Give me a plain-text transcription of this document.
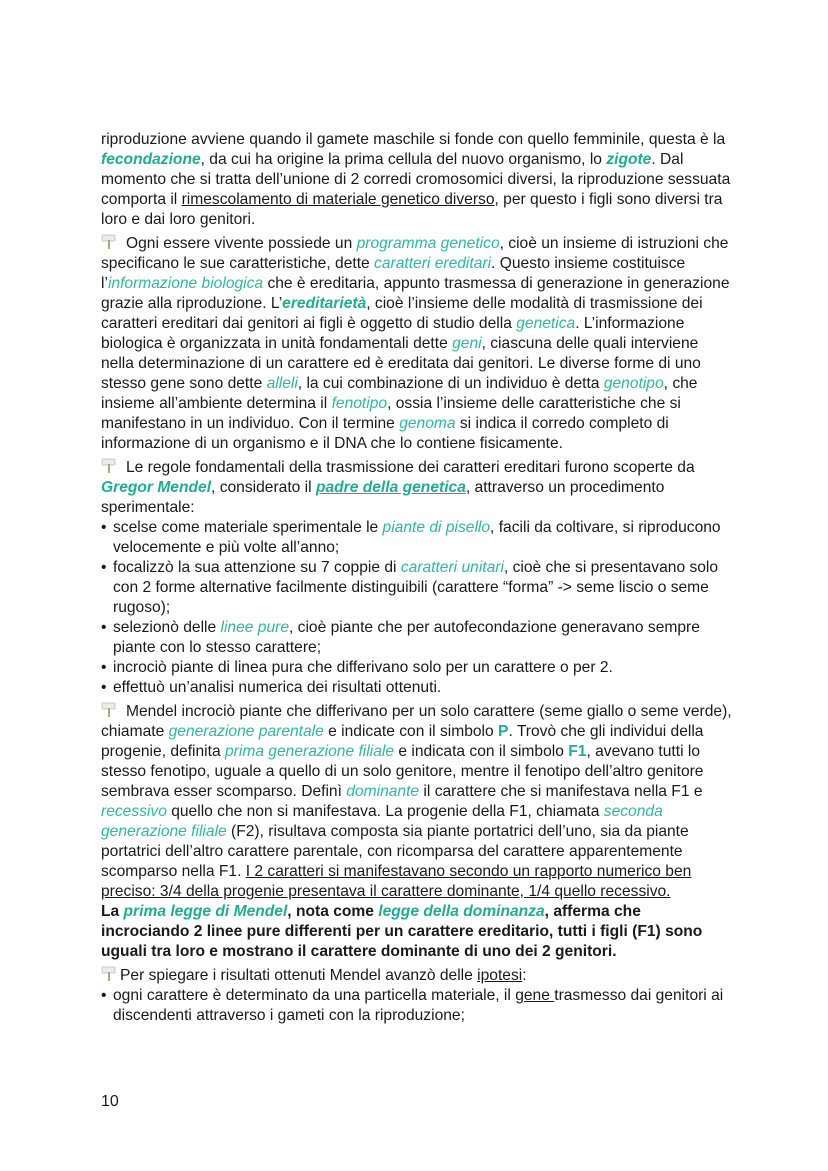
riproduzione avviene quando il gamete maschile si fonde con quello femminile, questa è la fecondazione, da cui ha origine la prima cellula del nuovo organismo, lo zigote. Dal momento che si tratta dell’unione di 2 corredi cromosomici diversi, la riproduzione sessuata comporta il rimescolamento di materiale genetico diverso, per questo i figli sono diversi tra loro e dai loro genitori.

Ogni essere vivente possiede un programma genetico, cioè un insieme di istruzioni che specificano le sue caratteristiche, dette caratteri ereditari. Questo insieme costituisce l’informazione biologica che è ereditaria, appunto trasmessa di generazione in generazione grazie alla riproduzione. L’ereditarietà, cioè l’insieme delle modalità di trasmissione dei caratteri ereditari dai genitori ai figli è oggetto di studio della genetica. L’informazione biologica è organizzata in unità fondamentali dette geni, ciascuna delle quali interviene nella determinazione di un carattere ed è ereditata dai genitori. Le diverse forme di uno stesso gene sono dette alleli, la cui combinazione di un individuo è detta genotipo, che insieme all’ambiente determina il fenotipo, ossia l’insieme delle caratteristiche che si manifestano in un individuo. Con il termine genoma si indica il corredo completo di informazione di un organismo e il DNA che lo contiene fisicamente.

Le regole fondamentali della trasmissione dei caratteri ereditari furono scoperte da Gregor Mendel, considerato il padre della genetica, attraverso un procedimento sperimentale:

• scelse come materiale sperimentale le piante di pisello, facili da coltivare, si riproducono velocemente e più volte all’anno;
• focalizzò la sua attenzione su 7 coppie di caratteri unitari, cioè che si presentavano solo con 2 forme alternative facilmente distinguibili (carattere “forma” -> seme liscio o seme rugoso);
• selezionò delle linee pure, cioè piante che per autofecondazione generavano sempre piante con lo stesso carattere;
• incrociò piante di linea pura che differivano solo per un carattere o per 2.
• effettuò un’analisi numerica dei risultati ottenuti.

Mendel incrociò piante che differivano per un solo carattere (seme giallo o seme verde), chiamate generazione parentale e indicate con il simbolo P. Trovò che gli individui della progenie, definita prima generazione filiale e indicata con il simbolo F1, avevano tutti lo stesso fenotipo, uguale a quello di un solo genitore, mentre il fenotipo dell’altro genitore sembrava esser scomparso. Definì dominante il carattere che si manifestava nella F1 e recessivo quello che non si manifestava. La progenie della F1, chiamata seconda generazione filiale (F2), risultava composta sia piante portatrici dell’uno, sia da piante portatrici dell’altro carattere parentale, con ricomparsa del carattere apparentemente scomparso nella F1. I 2 caratteri si manifestavano secondo un rapporto numerico ben preciso: 3/4 della progenie presentava il carattere dominante, 1/4 quello recessivo.

La prima legge di Mendel, nota come legge della dominanza, afferma che incrociando 2 linee pure differenti per un carattere ereditario, tutti i figli (F1) sono uguali tra loro e mostrano il carattere dominante di uno dei 2 genitori.

Per spiegare i risultati ottenuti Mendel avanzò delle ipotesi:

• ogni carattere è determinato da una particella materiale, il gene trasmesso dai genitori ai discendenti attraverso i gameti con la riproduzione;
10
